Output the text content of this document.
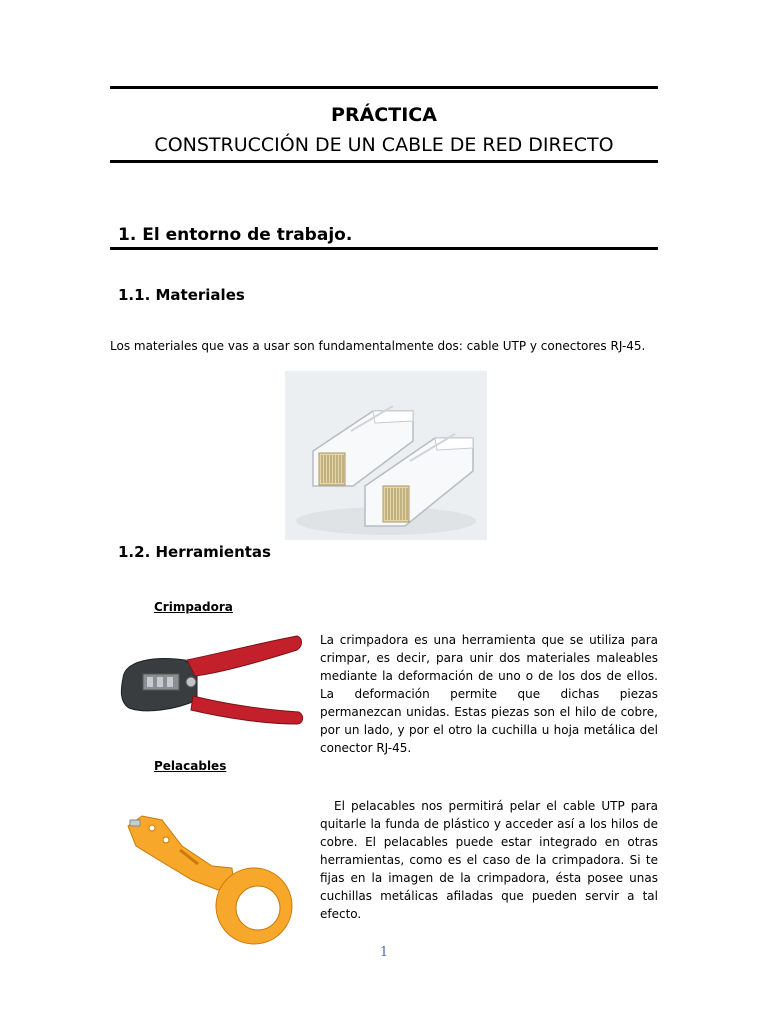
PRÁCTICA
CONSTRUCCIÓN DE UN CABLE DE RED DIRECTO
1. El entorno de trabajo.
1.1. Materiales
Los materiales que vas a usar son fundamentalmente dos: cable UTP y conectores RJ-45.
1.2. Herramientas
Crimpadora
La crimpadora es una herramienta que se utiliza para crimpar, es decir, para unir dos materiales maleables mediante la deformación de uno o de los dos de ellos. La deformación permite que dichas piezas permanezcan unidas. Estas piezas son el hilo de cobre, por un lado, y por el otro la cuchilla u hoja metálica del conector RJ-45.
Pelacables
El pelacables nos permitirá pelar el cable UTP para quitarle la funda de plástico y acceder así a los hilos de cobre. El pelacables puede estar integrado en otras herramientas, como es el caso de la crimpadora. Si te fijas en la imagen de la crimpadora, ésta posee unas cuchillas metálicas afiladas que pueden servir a tal efecto.
1
